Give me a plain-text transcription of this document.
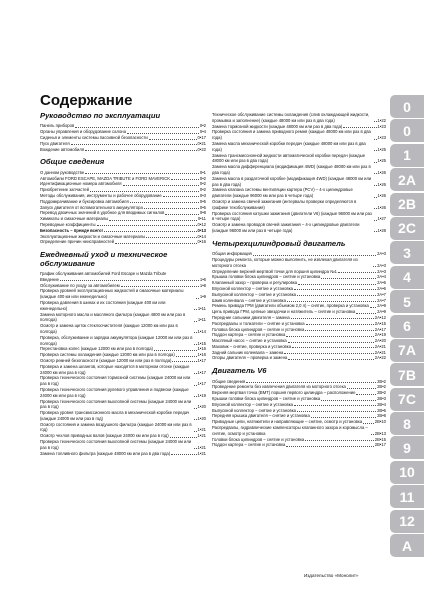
Содержание
Руководство по эксплуатации
Панель приборов	0•2
Органы управления и оборудование салона	0•4
Сиденья и элементы системы пассивной безопасности	0•17
Пуск двигателя	0•21
Вождение автомобиля	0•22
Общие сведения
О данном руководстве	0•1
Автомобили FORD ESCAPE, MAZDA TRIBUTE и FORD MAVERICK	0•2
Идентификационные номера автомобиля	0•2
Приобретение запчастей	0•2
Методы обслуживания, инструменты и рабочее оборудование	0•3
Поддомкрачивание и буксировка автомобиля	0•5
Запуск двигателя от вспомогательного аккумулятора	0•5
Перевод двоичных значений в удобное для вводимых сигналов	0•8
Химикаты и смазочные материалы	0•11
Переводные коэффициенты	0•12
Безопасность – прежде всего!	0•13
Эксплуатационные жидкости и смазочные материалы	0•14
Определение причин неисправностей	0•16
Ежедневный уход и техническое обслуживание
График обслуживания автомобилей Ford Escape и Mazda Tribute
Введение	1•6
Обслуживание по уходу за автомобилем	1•8
Проверка уровней эксплуатационных жидкостей и смазочные материалы (каждые 400 км или еженедельно)	1•9
Проверка давления в шинах и их состояния (каждые 400 км или еженедельно)	1•11
Замена моторного масла и масляного фильтра (каждые 4800 км или раз в полгода)	1•11
Осмотр и замена щеток стеклоочистителя (каждые 12000 км или раз в полгода)	1•14
Проверка, обслуживание и зарядка аккумулятора (каждые 12000 км или раз в полгода)	1•15
Перестановка колес (каждые 12000 км или раз в полгода)	1•16
Проверка системы охлаждения (каждые 12000 км или раз в полгода)	1•16
Осмотр ремней безопасности (каждые 12000 км или раз в полгода)	1•17
Проверка и замена шлангов, которые находятся в моторном отсеке (каждые 24000 км или раз в год)	1•17
Проверка технического состояния тормозной системы (каждые 24000 км или раз в год)	1•17
Проверка технического состояния рулевого управления и подвески (каждые 24000 км или раз в год)	1•19
Проверка технического состояния выхлопной системы (каждые 24000 км или раз в год)	1•20
Проверка уровня трансмиссионного масла в механической коробке передач (каждые 24000 км или раз в год)	1•20
Осмотр состояния и замена воздушного фильтра (каждые 24000 км или раз в год)	1•21
Осмотр чехлов приводных валов (каждые 24000 км или раз в год)	1•21
Проверка технического состояния выхлопной системы (каждые 24000 км или раз в год)	1•21
Замена топливного фильтра (каждые 48000 км или раз в два года)	1•21
Техническое обслуживание системы охлаждения (слив охлаждающей жидкости, промывка и заполнение) (каждые 48000 км или раз в два года)	1•22
Замена тормозной жидкости (каждые 48000 км или раз в два года)	1•23
Проверка состояния и замена приводного ремня (каждые 48000 км или раз в два года)	1•23
Замена масла механической коробки передач (каждые 48000 км или раз в два года)	1•25
Замена трансмиссионной жидкости автоматической коробки передач (каждые 48000 км или раз в два года)	1•25
Замена масла дифференциала (модификация 4WD) (каждые 48000 км или раз в два года)	1•26
Замена масла в раздаточной коробке (модификация 4WD) (каждые 48000 км или раз в два года)	1•26
Замена клапана системы вентиляции картера (PCV) – 4-х цилиндровые двигатели (каждые 96000 км или раз в четыре года)	1•26
Осмотр и замена свечей зажигания (интервалы проверки определяются в графике техобслуживания)	1•26
Проверка состояния катушки зажигания (двигатели V6) (каждые 96000 км или раз в четыре года)	1•27
Осмотр и замена проводов свечей зажигания – 4-х цилиндровые двигатели (каждые 96000 км или раз в четыре года)	1•28
Четырехцилиндровый двигатель
Общая информация	2А•3
Процедуры ремонта, которые можно выполнить, не извлекая двигателя из моторного отсека	2А•3
Определение верхней мертвой точки для поршня цилиндра №1	2А•3
Крышка головки блока цилиндров – снятие и установка	2А•4
Клапанный зазор – проверка и регулировка	2А•5
Впускной коллектор – снятие и установка	2А•6
Выпускной коллектор – снятие и установка	2А•7
Шкив коленвала – снятие и установка	2А•7
Ремень привода ГРМ (двигатели объемом 2,0 л) – снятие, проверка и установка 2А•9
Цепь привода ГРМ, цепные звездочки и натяжитель – снятие и установка	2А•9
Передние сальники двигателя – замена	2А•12
Распредвалы и толкатели – снятие и установка	2А•15
Головка блока цилиндров – снятие и установка	2А•17
Поддон картера – снятие и установка	2А•19
Масляный насос – снятие и установка	2А•20
Маховик – снятие, проверка и установка	2А•21
Задний сальник коленвала – замена	2А•21
Опоры двигателя – проверка и замена	2А•22
Двигатель V6
Общие сведения	2В•2
Проведение ремонта без извлечения двигателя из моторного отсека	2В•2
Верхняя мертвая точка (ВМТ) поршня первого цилиндра – расположение	2В•2
Крышки головки блока цилиндров – снятие и установка	2В•3
Впускной коллектор – снятие и установка	2В•4
Выпускной коллектор – снятие и установка	2В•6
Передняя крышка двигателя – снятие и установка	2В•8
Приводные цепи, натяжители и направляющие – снятие, осмотр и установка	2В•10
Распредвалы, гидравлические компенсаторы клапанного зазора и коромысла – снятие, осмотр и установка	2В•13
Головки блока цилиндров – снятие и установка	2В•15
Поддон картера – снятие и установка	2В•17
0
0
1
2А
2В
2С
3
4
5
6
7А
7В
7С
8
9
10
11
12
А
Издательство «Монолит»
